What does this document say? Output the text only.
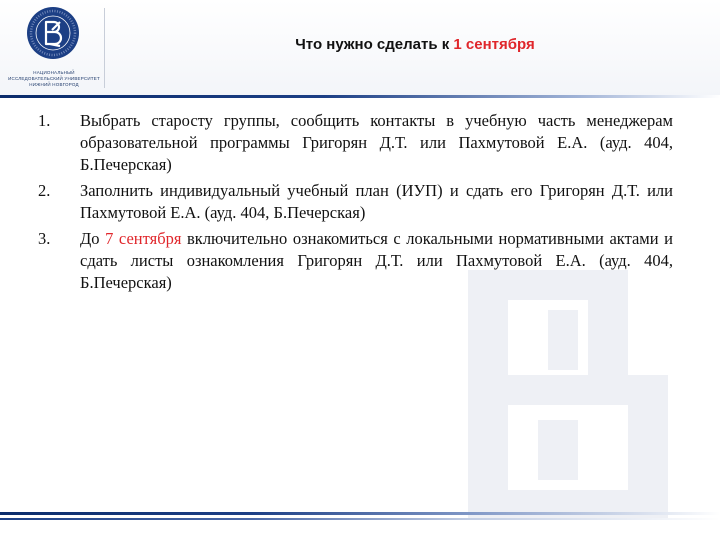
НАЦИОНАЛЬНЫЙ ИССЛЕДОВАТЕЛЬСКИЙ УНИВЕРСИТЕТ НИЖНИЙ НОВГОРОД
Что нужно сделать к 1 сентября
1.	Выбрать старосту группы, сообщить контакты в учебную часть менеджерам образовательной программы Григорян Д.Т. или Пахмутовой Е.А. (ауд. 404, Б.Печерская)
2.	Заполнить индивидуальный учебный план (ИУП) и сдать его Григорян Д.Т. или Пахмутовой Е.А. (ауд. 404, Б.Печерская)
3.	До 7 сентября включительно ознакомиться с локальными нормативными актами и сдать листы ознакомления Григорян Д.Т. или Пахмутовой Е.А. (ауд. 404, Б.Печерская)
